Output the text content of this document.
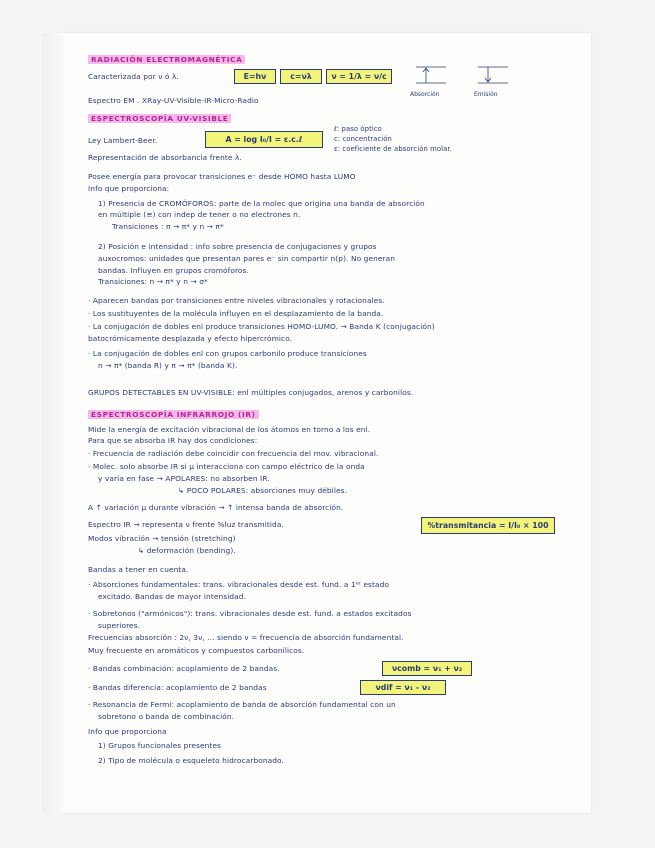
RADIACIÓN ELECTROMAGNÉTICA
Caracterizada por ν ó λ.	E=hν	c=νλ	ν = 1/λ = ν/c
Absorción	Emisión
Espectro EM . XRay-UV-Visible-IR-Micro-Radio
ESPECTROSCOPÍA UV-VISIBLE
Ley Lambert-Beer.	A = log I₀/I = ε.c.ℓ
ℓ: paso óptico
c: concentración
ε: coeficiente de absorción molar.
Representación de absorbancia frente λ.
Posee energía para provocar transiciones e⁻ desde HOMO hasta LUMO
Info que proporciona:
1) Presencia de CROMÓFOROS: parte de la molec que origina una banda de absorción
en múltiple (≡) con indep de tener o no electrones n.
Transiciones : π → π* y n → π*
2) Posición e intensidad : info sobre presencia de conjugaciones y grupos
auxocromos: unidades que presentan pares e⁻ sin compartir n(p). No generan
bandas. Influyen en grupos cromóforos.
Transiciones: n → π* y n → σ*
· Aparecen bandas por transiciones entre niveles vibracionales y rotacionales.
· Los sustituyentes de la molécula influyen en el desplazamiento de la banda.
· La conjugación de dobles enl produce transiciones HOMO-LUMO. → Banda K (conjugación)
batocrómicamente desplazada y efecto hipercrómico.
· La conjugación de dobles enl con grupos carbonilo produce transiciones
n → π* (banda R) y π → π* (banda K).
GRUPOS DETECTABLES EN UV-VISIBLE: enl múltiples conjugados, arenos y carbonilos.
ESPECTROSCOPÍA INFRARROJO (IR)
Mide la energía de excitación vibracional de los átomos en torno a los enl.
Para que se absorba IR hay dos condiciones:
· Frecuencia de radiación debe coincidir con frecuencia del mov. vibracional.
· Molec. solo absorbe IR si μ interacciona con campo eléctrico de la onda
y varía en fase → APOLARES: no absorben IR.
↳ POCO POLARES: absorciones muy débiles.
A ↑ variación μ durante vibración → ↑ intensa banda de absorción.
Espectro IR → representa ν frente %luz transmitida.	%transmitancia = I/I₀ × 100
Modos vibración → tensión (stretching)
↳ deformación (bending).
Bandas a tener en cuenta.
· Absorciones fundamentales: trans. vibracionales desde est. fund. a 1ᵉʳ estado
excitado. Bandas de mayor intensidad.
· Sobretonos ("armónicos"): trans. vibracionales desde est. fund. a estados excitados
superiores.
Frecuencias absorción : 2ν, 3ν, ... siendo ν = frecuencia de absorción fundamental.
Muy frecuente en aromáticos y compuestos carbonílicos.
· Bandas combinación: acoplamiento de 2 bandas.	νcomb = ν₁ + ν₂
· Bandas diferencia: acoplamiento de 2 bandas	νdif = ν₁ - ν₂
· Resonancia de Fermi: acoplamiento de banda de absorción fundamental con un
sobretono o banda de combinación.
Info que proporciona
1) Grupos funcionales presentes
2) Tipo de molécula o esqueleto hidrocarbonado.
